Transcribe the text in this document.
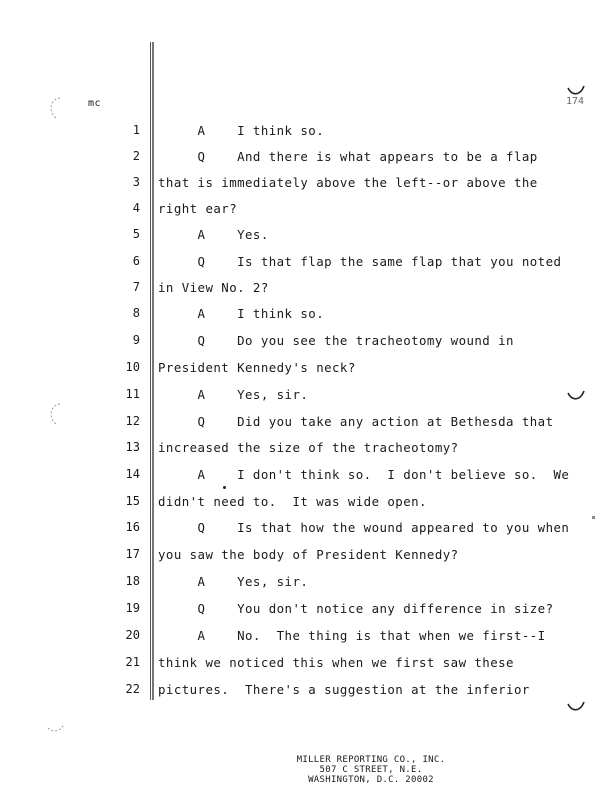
mc	174
1 A    I think so.
2 Q    And there is what appears to be a flap
3 that is immediately above the left--or above the
4 right ear?
5 A    Yes.
6 Q    Is that flap the same flap that you noted
7 in View No. 2?
8 A    I think so.
9 Q    Do you see the tracheotomy wound in
10 President Kennedy's neck?
11 A    Yes, sir.
12 Q    Did you take any action at Bethesda that
13 increased the size of the tracheotomy?
14 A    I don't think so.  I don't believe so.  We
15 didn't need to.  It was wide open.
16 Q    Is that how the wound appeared to you when
17 you saw the body of President Kennedy?
18 A    Yes, sir.
19 Q    You don't notice any difference in size?
20 A    No.  The thing is that when we first--I
21 think we noticed this when we first saw these
22 pictures.  There's a suggestion at the inferior
MILLER REPORTING CO., INC.
507 C STREET, N.E.
WASHINGTON, D.C. 20002
